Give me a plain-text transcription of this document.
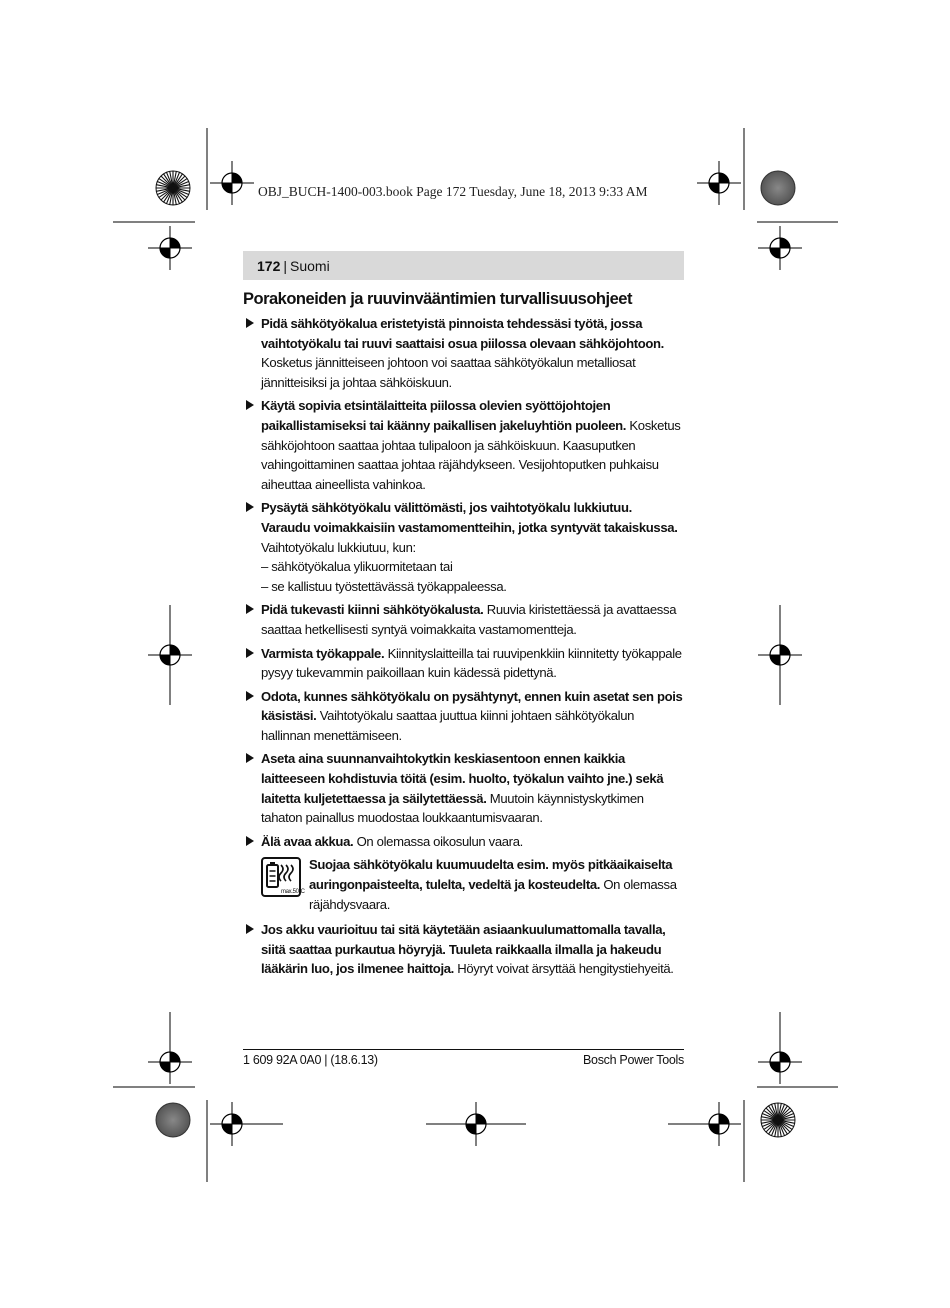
OBJ_BUCH-1400-003.book Page 172 Tuesday, June 18, 2013 9:33 AM
172 | Suomi
Porakoneiden ja ruuvinvääntimien turvallisuusohjeet
Pidä sähkötyökalua eristetyistä pinnoista tehdessäsi työtä, jossa vaihtotyökalu tai ruuvi saattaisi osua piilossa olevaan sähköjohtoon. Kosketus jännitteiseen johtoon voi saattaa sähkötyökalun metalliosat jännitteisiksi ja johtaa sähköiskuun.
Käytä sopivia etsintälaitteita piilossa olevien syöttöjohtojen paikallistamiseksi tai käänny paikallisen jakeluyhtiön puoleen. Kosketus sähköjohtoon saattaa johtaa tulipaloon ja sähköiskuun. Kaasuputken vahingoittaminen saattaa johtaa räjähdykseen. Vesijohtoputken puhkaisu aiheuttaa aineellista vahinkoa.
Pysäytä sähkötyökalu välittömästi, jos vaihtotyökalu lukkiutuu. Varaudu voimakkaisiin vastamomentteihin, jotka syntyvät takaiskussa. Vaihtotyökalu lukkiutuu, kun:
– sähkötyökalua ylikuormitetaan tai
– se kallistuu työstettävässä työkappaleessa.
Pidä tukevasti kiinni sähkötyökalusta. Ruuvia kiristettäessä ja avattaessa saattaa hetkellisesti syntyä voimakkaita vastamomentteja.
Varmista työkappale. Kiinnityslaitteilla tai ruuvipenkkiin kiinnitetty työkappale pysyy tukevammin paikoillaan kuin kädessä pidettynä.
Odota, kunnes sähkötyökalu on pysähtynyt, ennen kuin asetat sen pois käsistäsi. Vaihtotyökalu saattaa juuttua kiinni johtaen sähkötyökalun hallinnan menettämiseen.
Aseta aina suunnanvaihtokytkin keskiasentoon ennen kaikkia laitteeseen kohdistuvia töitä (esim. huolto, työkalun vaihto jne.) sekä laitetta kuljetettaessa ja säilytettäessä. Muutoin käynnistyskytkimen tahaton painallus muodostaa loukkaantumisvaaran.
Älä avaa akkua. On olemassa oikosulun vaara.
max.50°C
Suojaa sähkötyökalu kuumuudelta esim. myös pitkäaikaiselta auringonpaisteelta, tulelta, vedeltä ja kosteudelta. On olemassa räjähdysvaara.
Jos akku vaurioituu tai sitä käytetään asiaankuulumattomalla tavalla, siitä saattaa purkautua höyryjä. Tuuleta raikkaalla ilmalla ja hakeudu lääkärin luo, jos ilmenee haittoja. Höyryt voivat ärsyttää hengitystiehyeitä.
1 609 92A 0A0 | (18.6.13)	Bosch Power Tools
